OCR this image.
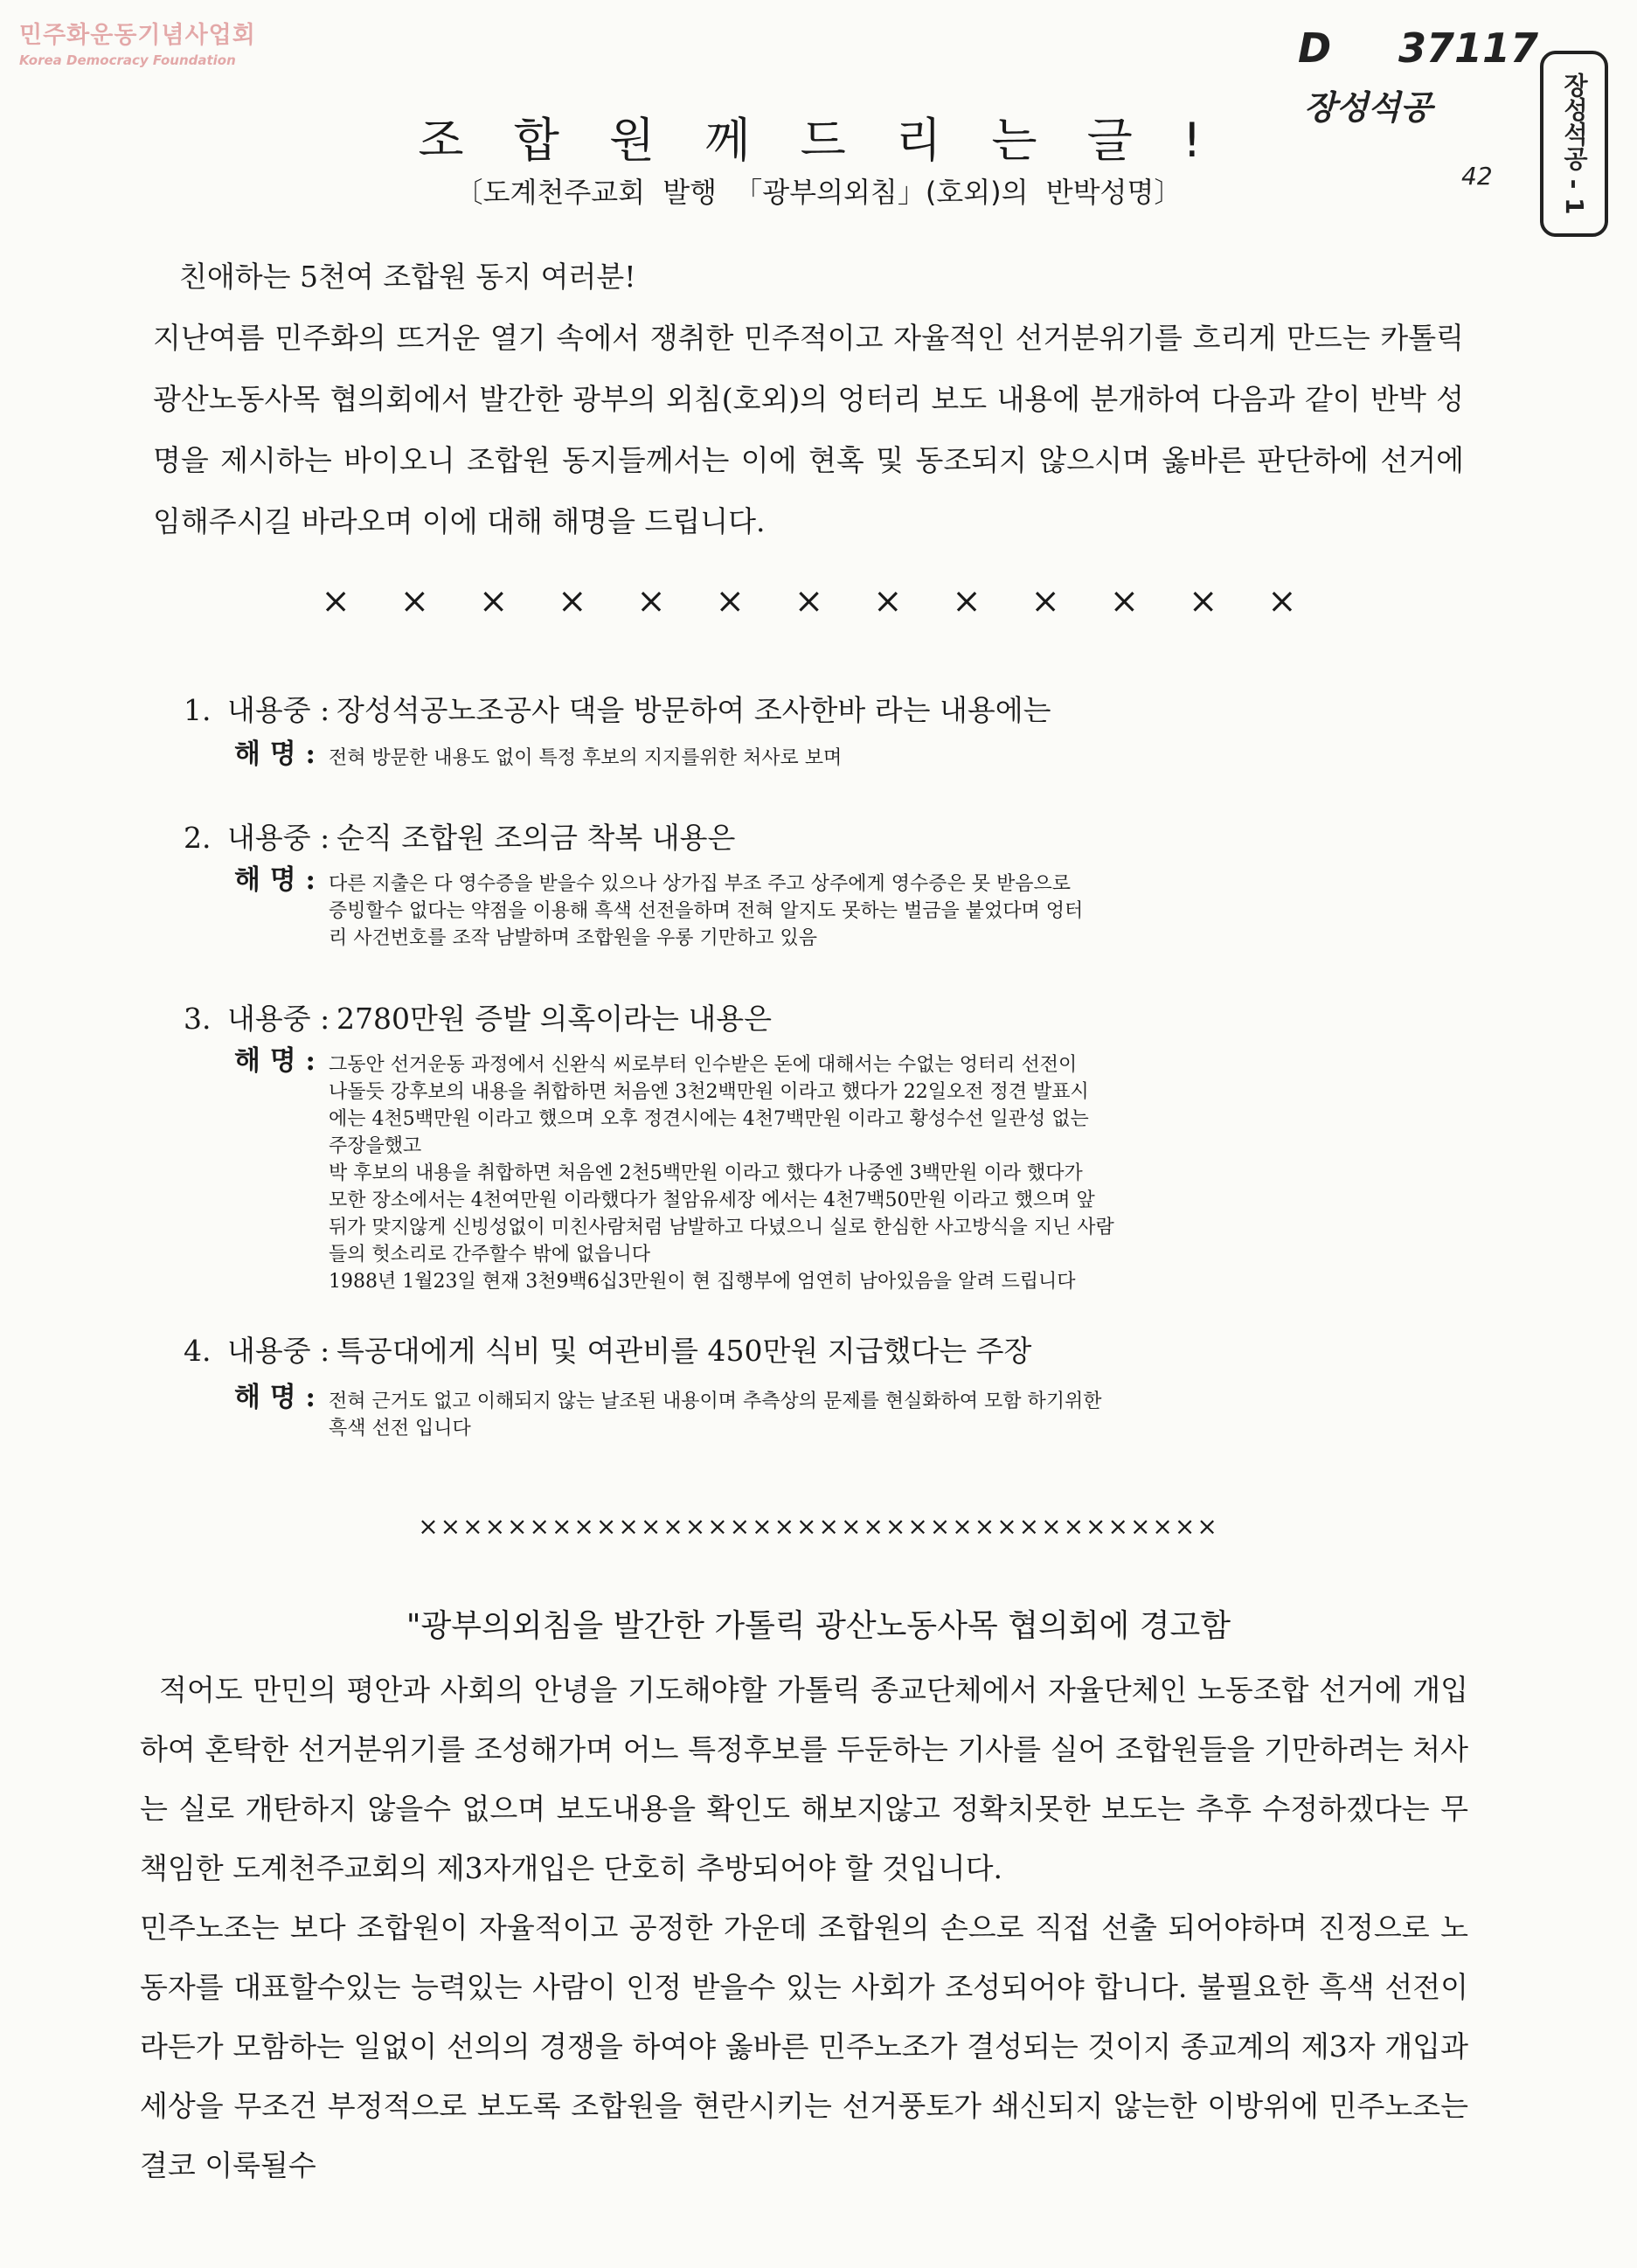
민주화운동기념사업회
Korea Democracy Foundation	D 37117
장성석공
42	장성석공 - 1
조 합 원 께 드 리 는 글 !
〔도계천주교회 발행 「광부의외침」(호외)의 반박성명〕

친애하는 5천여 조합원 동지 여러분!

지난여름 민주화의 뜨거운 열기 속에서 쟁취한 민주적이고 자율적인 선거분위기를 흐리게 만드는 카톨릭 광산노동사목 협의회에서 발간한 광부의 외침(호외)의 엉터리 보도 내용에 분개하여 다음과 같이 반박 성명을 제시하는 바이오니 조합원 동지들께서는 이에 현혹 및 동조되지 않으시며 옳바른 판단하에 선거에 임해주시길 바라오며 이에 대해 해명을 드립니다.

× × × × × × × × × × × × ×
1. 내용중 : 장성석공노조공사 댁을 방문하여 조사한바 라는 내용에는
해 명 : 전혀 방문한 내용도 없이 특정 후보의 지지를위한 처사로 보며
2. 내용중 : 순직 조합원 조의금 착복 내용은
해 명 : 다른 지출은 다 영수증을 받을수 있으나 상가집 부조 주고 상주에게 영수증은 못 받음으로
증빙할수 없다는 약점을 이용해 흑색 선전을하며 전혀 알지도 못하는 벌금을 붙었다며 엉터
리 사건번호를 조작 남발하며 조합원을 우롱 기만하고 있음
3. 내용중 : 2780만원 증발 의혹이라는 내용은
해 명 : 그동안 선거운동 과정에서 신완식 씨로부터 인수받은 돈에 대해서는 수없는 엉터리 선전이
나돌듯 강후보의 내용을 취합하면 처음엔 3천2백만원 이라고 했다가 22일오전 정견 발표시
에는 4천5백만원 이라고 했으며 오후 정견시에는 4천7백만원 이라고 황성수선 일관성 없는
주장을했고
박 후보의 내용을 취합하면 처음엔 2천5백만원 이라고 했다가 나중엔 3백만원 이라 했다가
모한 장소에서는 4천여만원 이라했다가 철암유세장 에서는 4천7백50만원 이라고 했으며 앞
뒤가 맞지않게 신빙성없이 미친사람처럼 남발하고 다녔으니 실로 한심한 사고방식을 지닌 사람
들의 헛소리로 간주할수 밖에 없읍니다
1988년 1월23일 현재 3천9백6십3만원이 현 집행부에 엄연히 남아있음을 알려 드립니다
4. 내용중 : 특공대에게 식비 및 여관비를 450만원 지급했다는 주장
해 명 : 전혀 근거도 없고 이해되지 않는 날조된 내용이며 추측상의 문제를 현실화하여 모함 하기위한
흑색 선전 입니다
××××××××××××××××××××××××××××××××××××
"광부의외침을 발간한 가톨릭 광산노동사목 협의회에 경고함

적어도 만민의 평안과 사회의 안녕을 기도해야할 가톨릭 종교단체에서 자율단체인 노동조합 선거에 개입하여 혼탁한 선거분위기를 조성해가며 어느 특정후보를 두둔하는 기사를 실어 조합원들을 기만하려는 처사는 실로 개탄하지 않을수 없으며 보도내용을 확인도 해보지않고 정확치못한 보도는 추후 수정하겠다는 무책임한 도계천주교회의 제3자개입은 단호히 추방되어야 할 것입니다.

민주노조는 보다 조합원이 자율적이고 공정한 가운데 조합원의 손으로 직접 선출 되어야하며 진정으로 노동자를 대표할수있는 능력있는 사람이 인정 받을수 있는 사회가 조성되어야 합니다. 불필요한 흑색 선전이라든가 모함하는 일없이 선의의 경쟁을 하여야 옳바른 민주노조가 결성되는 것이지 종교계의 제3자 개입과 세상을 무조건 부정적으로 보도록 조합원을 현란시키는 선거풍토가 쇄신되지 않는한 이방위에 민주노조는 결코 이룩될수
